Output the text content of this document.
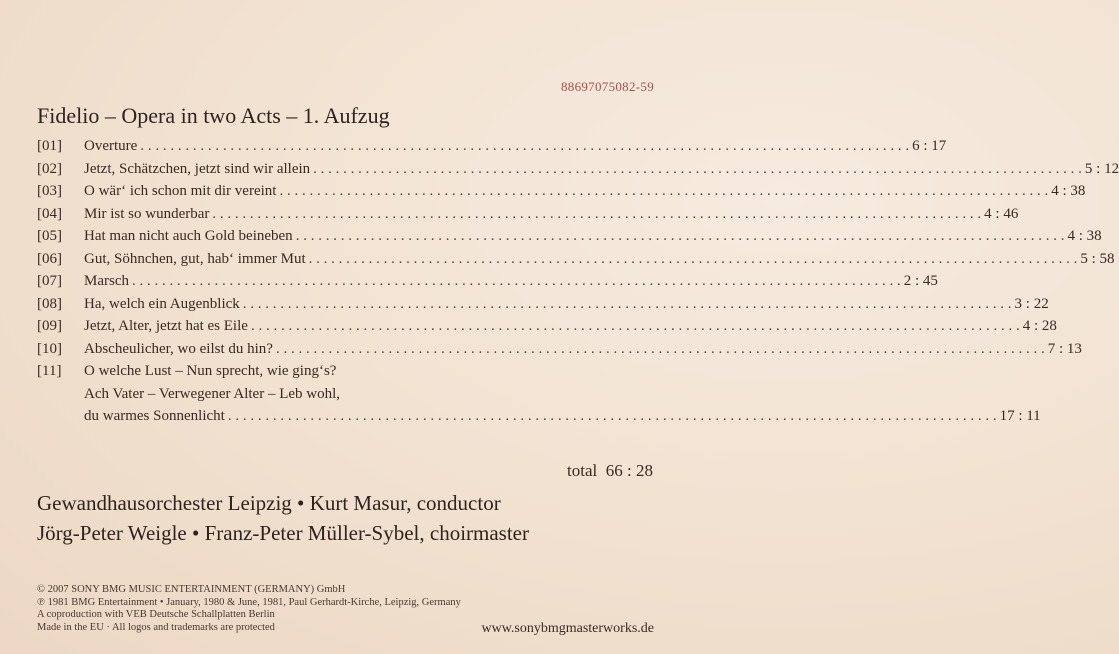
88697075082-59
Fidelio – Opera in two Acts – 1. Aufzug
[01]	Overture . . .	6 : 17
[02]	Jetzt, Schätzchen, jetzt sind wir allein . . .	5 : 12
[03]	O wär‘ ich schon mit dir vereint . . .	4 : 38
[04]	Mir ist so wunderbar . . .	4 : 46
[05]	Hat man nicht auch Gold beineben . . .	4 : 38
[06]	Gut, Söhnchen, gut, hab‘ immer Mut . . .	5 : 58
[07]	Marsch . . .	2 : 45
[08]	Ha, welch ein Augenblick . . .	3 : 22
[09]	Jetzt, Alter, jetzt hat es Eile . . .	4 : 28
[10]	Abscheulicher, wo eilst du hin? . . .	7 : 13
[11]	O welche Lust – Nun sprecht, wie ging‘s?
Ach Vater – Verwegener Alter – Leb wohl,
du warmes Sonnenlicht . . .	17 : 11
total 66 : 28
Gewandhausorchester Leipzig • Kurt Masur, conductor
Jörg-Peter Weigle • Franz-Peter Müller-Sybel, choirmaster
© 2007 SONY BMG MUSIC ENTERTAINMENT (GERMANY) GmbH
℗ 1981 BMG Entertainment • January, 1980 & June, 1981, Paul Gerhardt-Kirche, Leipzig, Germany
A coproduction with VEB Deutsche Schallplatten Berlin
Made in the EU · All logos and trademarks are protected	www.sonybmgmasterworks.de
